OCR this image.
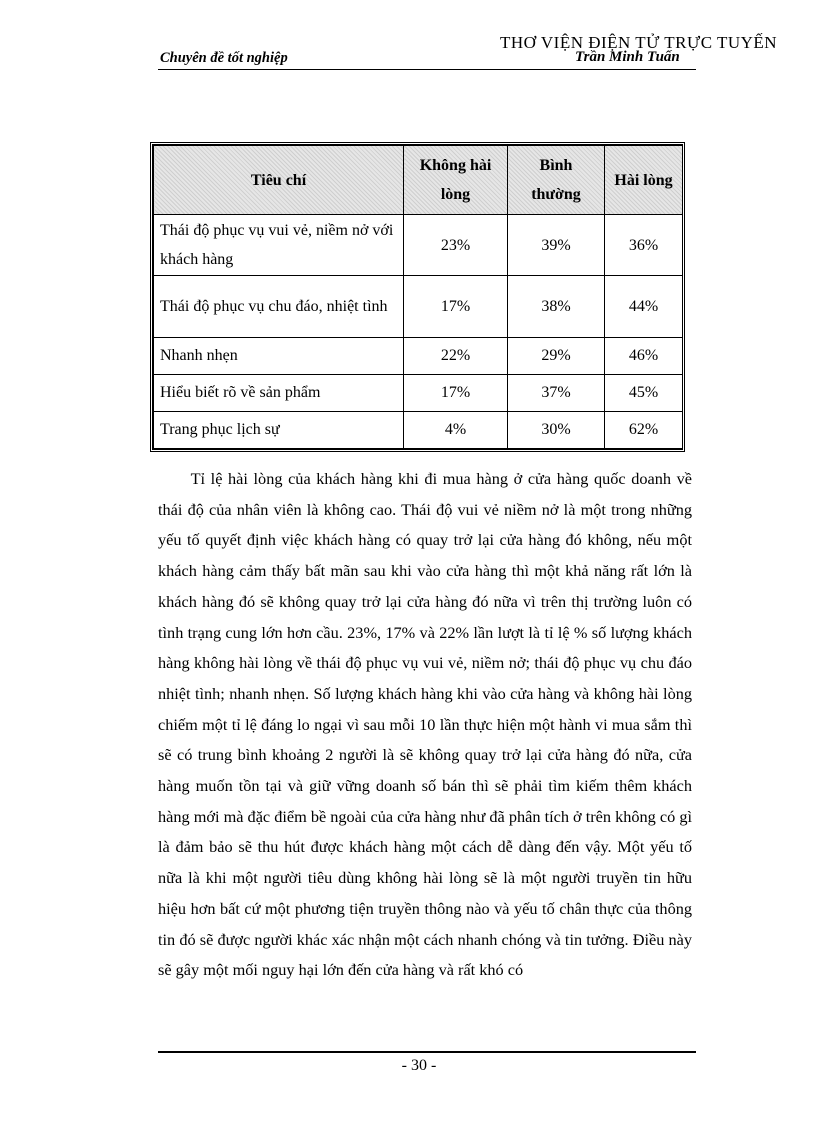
THƠ VIỆN ĐIỆN TỬ TRỰC TUYẾN
Chuyên đề tốt nghiệp	Trần Minh Tuấn
Tiêu chí	Không hài lòng	Bình thường	Hài lòng
Thái độ phục vụ vui vẻ, niềm nở với khách hàng	23%	39%	36%
Thái độ phục vụ chu đáo, nhiệt tình	17%	38%	44%
Nhanh nhẹn	22%	29%	46%
Hiểu biết rõ về sản phẩm	17%	37%	45%
Trang phục lịch sự	4%	30%	62%

Tỉ lệ hài lòng của khách hàng khi đi mua hàng ở cửa hàng quốc doanh về thái độ của nhân viên là không cao. Thái độ vui vẻ niềm nở là một trong những yếu tố quyết định việc khách hàng có quay trở lại cửa hàng đó không, nếu một khách hàng cảm thấy bất mãn sau khi vào cửa hàng thì một khả năng rất lớn là khách hàng đó sẽ không quay trở lại cửa hàng đó nữa vì trên thị trường luôn có tình trạng cung lớn hơn cầu. 23%, 17% và 22% lần lượt là tỉ lệ % số lượng khách hàng không hài lòng về thái độ phục vụ vui vẻ, niềm nở; thái độ phục vụ chu đáo nhiệt tình; nhanh nhẹn. Số lượng khách hàng khi vào cửa hàng và không hài lòng chiếm một tỉ lệ đáng lo ngại vì sau mỗi 10 lần thực hiện một hành vi mua sắm thì sẽ có trung bình khoảng 2 người là sẽ không quay trở lại cửa hàng đó nữa, cửa hàng muốn tồn tại và giữ vững doanh số bán thì sẽ phải tìm kiếm thêm khách hàng mới mà đặc điểm bề ngoài của cửa hàng như đã phân tích ở trên không có gì là đảm bảo sẽ thu hút được khách hàng một cách dễ dàng đến vậy. Một yếu tố nữa là khi một người tiêu dùng không hài lòng sẽ là một người truyền tin hữu hiệu hơn bất cứ một phương tiện truyền thông nào và yếu tố chân thực của thông tin đó sẽ được người khác xác nhận một cách nhanh chóng và tin tưởng. Điều này sẽ gây một mối nguy hại lớn đến cửa hàng và rất khó có

- 30 -
